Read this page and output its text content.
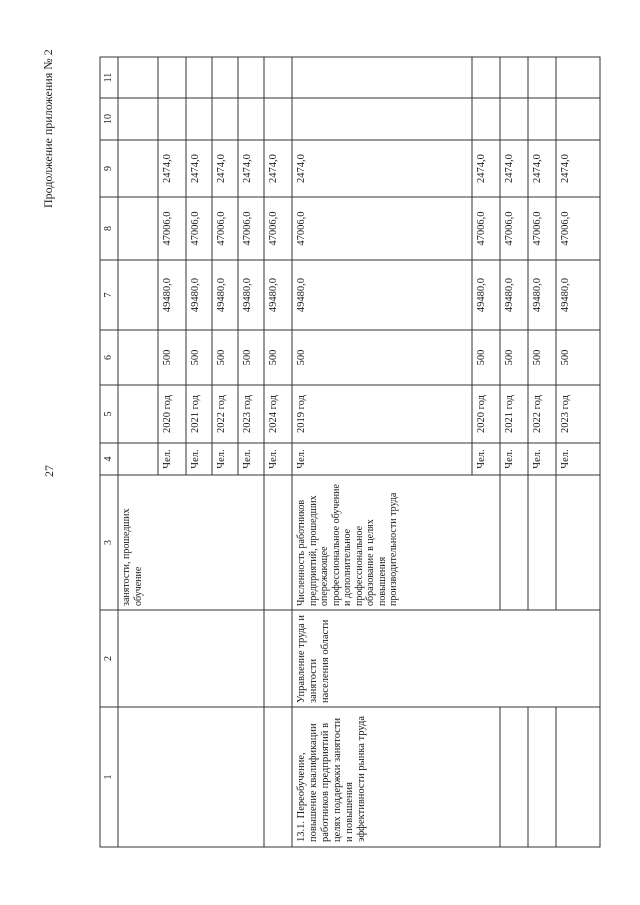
27
Продолжение приложения № 2
1
2
3
4
5
6
7
8
9
10
11
занятости, прошедших обучение
Чел.
2020 год
500
49480,0
47006,0
2474,0
Чел.
2021 год
500
49480,0
47006,0
2474,0
Чел.
2022 год
500
49480,0
47006,0
2474,0
Чел.
2023 год
500
49480,0
47006,0
2474,0
Чел.
2024 год
500
49480,0
47006,0
2474,0
13.1. Переобучение, повышение квалификации работников предприятий в целях поддержки занятости и повышения эффективности рынка труда
Управление труда и занятости населения области
Численность работников предприятий, прошедших опережающее профессиональное обучение и дополнительное профессиональное образование в целях повышения производительности труда
Чел.
2019 год
500
49480,0
47006,0
2474,0
Чел.
2020 год
500
49480,0
47006,0
2474,0
Чел.
2021 год
500
49480,0
47006,0
2474,0
Чел.
2022 год
500
49480,0
47006,0
2474,0
Чел.
2023 год
500
49480,0
47006,0
2474,0
